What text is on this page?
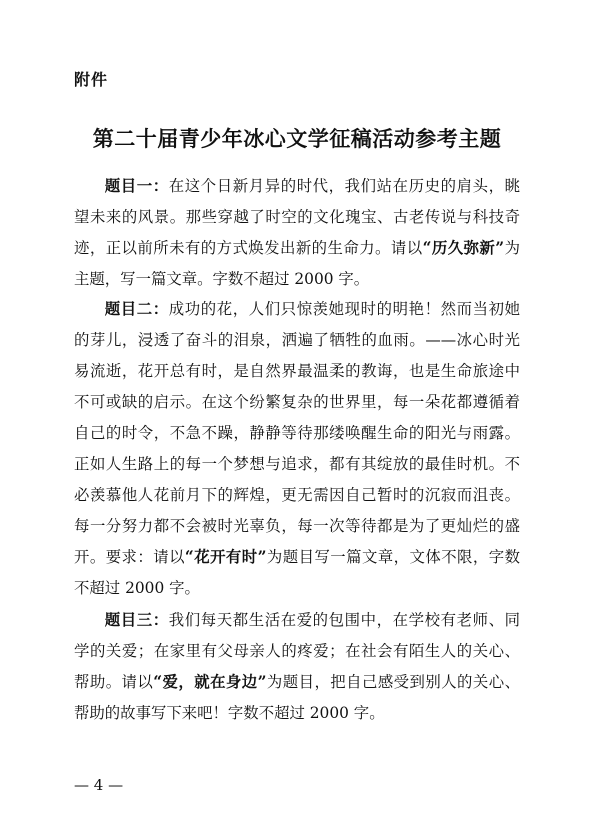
附件
第二十届青少年冰心文学征稿活动参考主题

题目一：在这个日新月异的时代，我们站在历史的肩头，眺望未来的风景。那些穿越了时空的文化瑰宝、古老传说与科技奇迹，正以前所未有的方式焕发出新的生命力。请以“历久弥新”为主题，写一篇文章。字数不超过 2000 字。

题目二：成功的花，人们只惊羡她现时的明艳！然而当初她的芽儿，浸透了奋斗的泪泉，洒遍了牺牲的血雨。——冰心时光易流逝，花开总有时，是自然界最温柔的教诲，也是生命旅途中不可或缺的启示。在这个纷繁复杂的世界里，每一朵花都遵循着自己的时令，不急不躁，静静等待那缕唤醒生命的阳光与雨露。正如人生路上的每一个梦想与追求，都有其绽放的最佳时机。不必羡慕他人花前月下的辉煌，更无需因自己暂时的沉寂而沮丧。每一分努力都不会被时光辜负，每一次等待都是为了更灿烂的盛开。要求：请以“花开有时”为题目写一篇文章，文体不限，字数不超过 2000 字。

题目三：我们每天都生活在爱的包围中，在学校有老师、同学的关爱；在家里有父母亲人的疼爱；在社会有陌生人的关心、帮助。请以“爱，就在身边”为题目，把自己感受到别人的关心、帮助的故事写下来吧！字数不超过 2000 字。

— 4 —
